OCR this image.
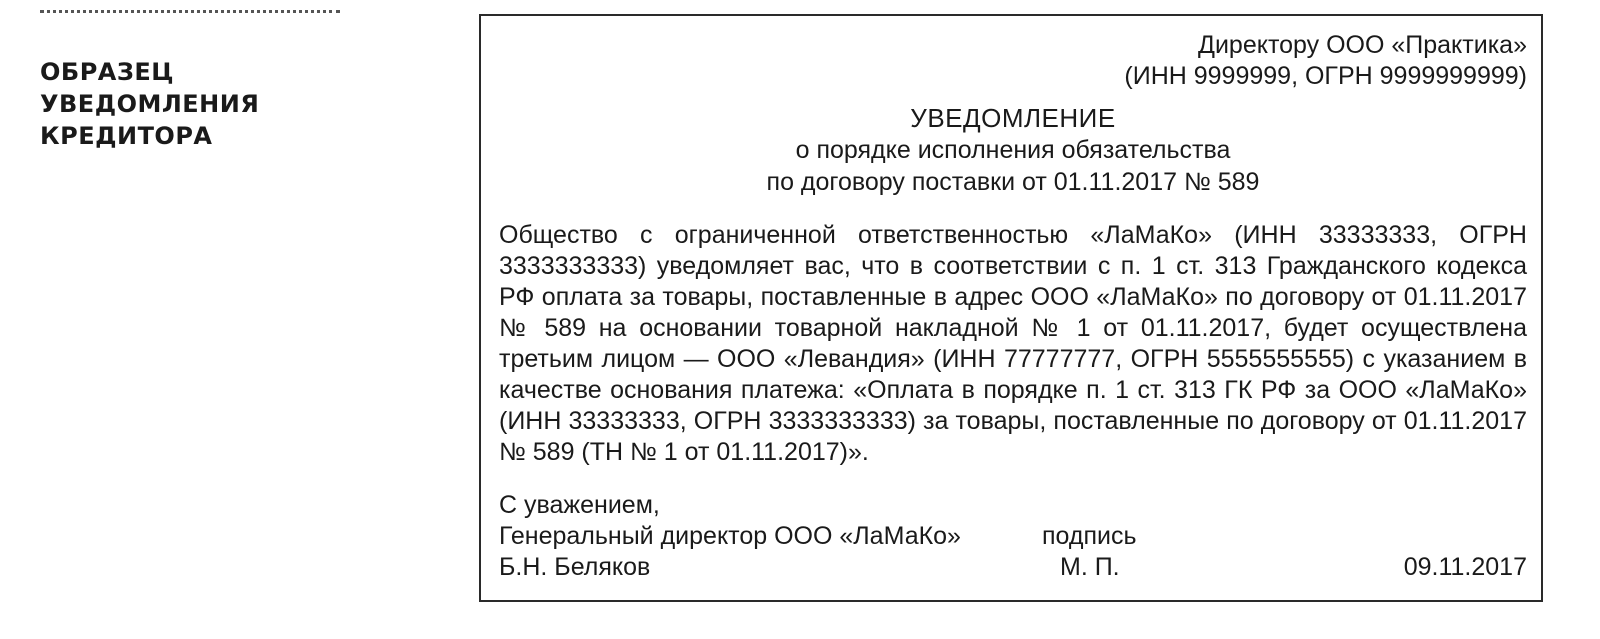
ОБРАЗЕЦ
УВЕДОМЛЕНИЯ
КРЕДИТОРА
Директору ООО «Практика»
(ИНН 9999999, ОГРН 9999999999)
УВЕДОМЛЕНИЕ
о порядке исполнения обязательства
по договору поставки от 01.11.2017 № 589
Общество с ограниченной ответственностью «ЛаМаКо» (ИНН 33333333, ОГРН 3333333333) уведомляет вас, что в соответствии с п. 1 ст. 313 Гражданского кодекса РФ оплата за товары, поставленные в адрес ООО «ЛаМаКо» по договору от 01.11.2017 № 589 на основании товарной накладной № 1 от 01.11.2017, будет осуществлена третьим лицом — ООО «Левандия» (ИНН 77777777, ОГРН 5555555555) с указанием в качестве основания платежа: «Оплата в порядке п. 1 ст. 313 ГК РФ за ООО «ЛаМаКо» (ИНН 33333333, ОГРН 3333333333) за товары, поставленные по договору от 01.11.2017 № 589 (ТН № 1 от 01.11.2017)».
С уважением,
Генеральный директор ООО «ЛаМаКо»	подпись
Б.Н. Беляков	М. П.	09.11.2017
